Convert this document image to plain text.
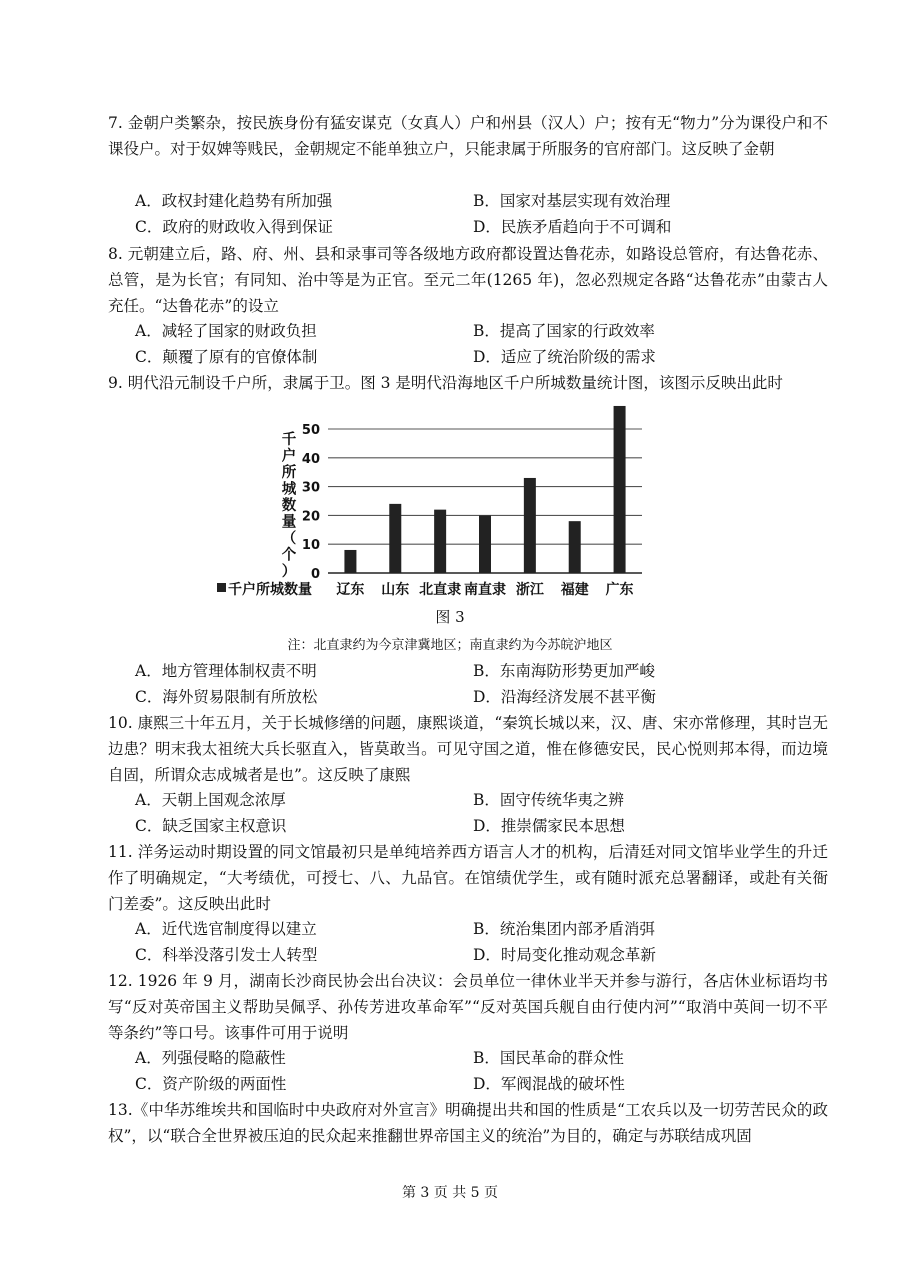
7. 金朝户类繁杂，按民族身份有猛安谋克（女真人）户和州县（汉人）户；按有无“物力”分为课役户和不课役户。对于奴婢等贱民，金朝规定不能单独立户，只能隶属于所服务的官府部门。这反映了金朝
A．政权封建化趋势有所加强	B．国家对基层实现有效治理
C．政府的财政收入得到保证	D．民族矛盾趋向于不可调和
8. 元朝建立后，路、府、州、县和录事司等各级地方政府都设置达鲁花赤，如路设总管府，有达鲁花赤、总管，是为长官；有同知、治中等是为正官。至元二年(1265 年)，忽必烈规定各路“达鲁花赤”由蒙古人充任。“达鲁花赤”的设立
A．减轻了国家的财政负担	B．提高了国家的行政效率
C．颠覆了原有的官僚体制	D．适应了统治阶级的需求
9. 明代沿元制设千户所，隶属于卫。图 3 是明代沿海地区千户所城数量统计图，该图示反映出此时
0
10
20
30
40
50
千户所城数量（个）
辽东 山东 北直隶 南直隶 浙江 福建 广东
千户所城数量
图 3
注：北直隶约为今京津冀地区；南直隶约为今苏皖沪地区
A．地方管理体制权责不明	B．东南海防形势更加严峻
C．海外贸易限制有所放松	D．沿海经济发展不甚平衡
10. 康熙三十年五月，关于长城修缮的问题，康熙谈道，“秦筑长城以来，汉、唐、宋亦常修理，其时岂无边患？明末我太祖统大兵长驱直入，皆莫敢当。可见守国之道，惟在修德安民，民心悦则邦本得，而边境自固，所谓众志成城者是也”。这反映了康熙
A．天朝上国观念浓厚	B．固守传统华夷之辨
C．缺乏国家主权意识	D．推崇儒家民本思想
11. 洋务运动时期设置的同文馆最初只是单纯培养西方语言人才的机构，后清廷对同文馆毕业学生的升迁作了明确规定，“大考绩优，可授七、八、九品官。在馆绩优学生，或有随时派充总署翻译，或赴有关衙门差委”。这反映出此时
A．近代选官制度得以建立	B．统治集团内部矛盾消弭
C．科举没落引发士人转型	D．时局变化推动观念革新
12. 1926 年 9 月，湖南长沙商民协会出台决议：会员单位一律休业半天并参与游行，各店休业标语均书写“反对英帝国主义帮助吴佩孚、孙传芳进攻革命军”“反对英国兵舰自由行使内河”“取消中英间一切不平等条约”等口号。该事件可用于说明
A．列强侵略的隐蔽性	B．国民革命的群众性
C．资产阶级的两面性	D．军阀混战的破坏性
13.《中华苏维埃共和国临时中央政府对外宣言》明确提出共和国的性质是“工农兵以及一切劳苦民众的政权”，以“联合全世界被压迫的民众起来推翻世界帝国主义的统治”为目的，确定与苏联结成巩固
第 3 页 共 5 页
